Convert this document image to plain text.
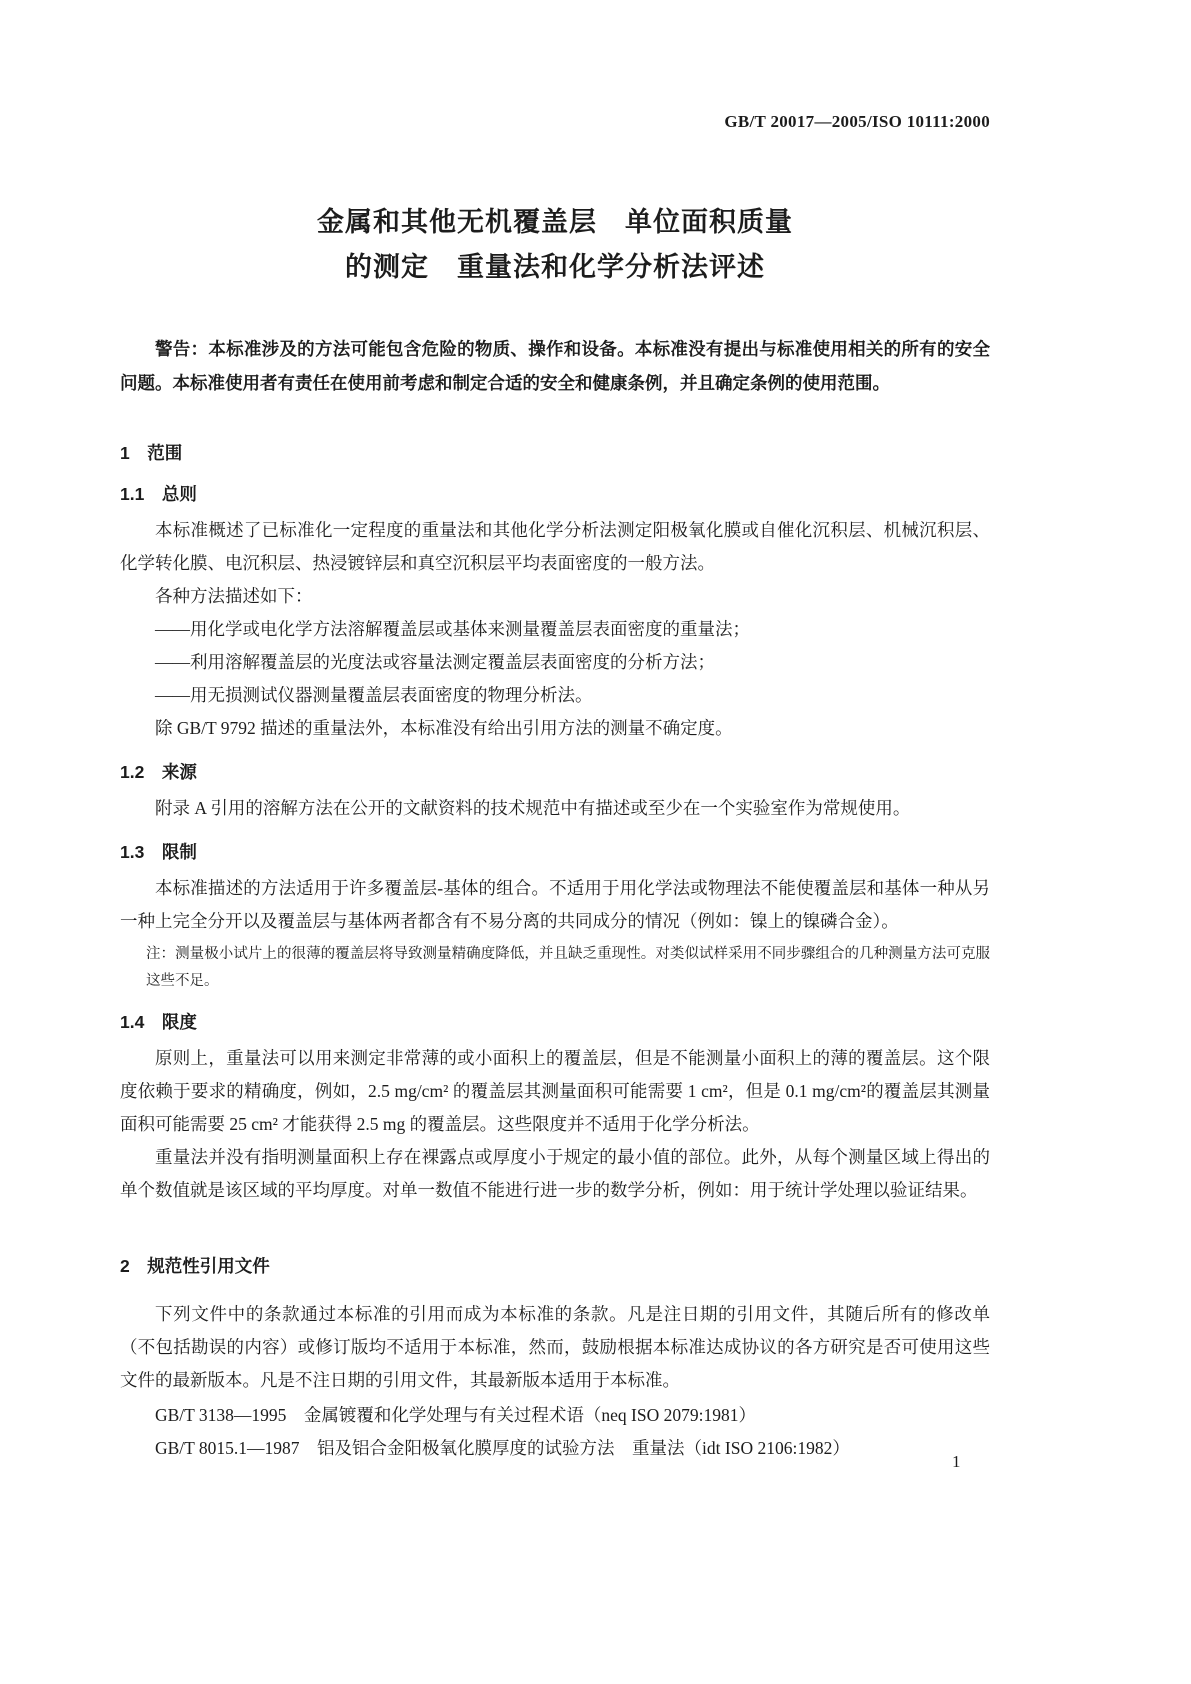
GB/T 20017—2005/ISO 10111:2000
金属和其他无机覆盖层　单位面积质量
的测定　重量法和化学分析法评述

警告：本标准涉及的方法可能包含危险的物质、操作和设备。本标准没有提出与标准使用相关的所有的安全问题。本标准使用者有责任在使用前考虑和制定合适的安全和健康条例，并且确定条例的使用范围。

1　范围
1.1　总则

本标准概述了已标准化一定程度的重量法和其他化学分析法测定阳极氧化膜或自催化沉积层、机械沉积层、化学转化膜、电沉积层、热浸镀锌层和真空沉积层平均表面密度的一般方法。

各种方法描述如下：

——用化学或电化学方法溶解覆盖层或基体来测量覆盖层表面密度的重量法；

——利用溶解覆盖层的光度法或容量法测定覆盖层表面密度的分析方法；

——用无损测试仪器测量覆盖层表面密度的物理分析法。

除 GB/T 9792 描述的重量法外，本标准没有给出引用方法的测量不确定度。

1.2　来源

附录 A 引用的溶解方法在公开的文献资料的技术规范中有描述或至少在一个实验室作为常规使用。

1.3　限制

本标准描述的方法适用于许多覆盖层-基体的组合。不适用于用化学法或物理法不能使覆盖层和基体一种从另一种上完全分开以及覆盖层与基体两者都含有不易分离的共同成分的情况（例如：镍上的镍磷合金）。

注：测量极小试片上的很薄的覆盖层将导致测量精确度降低，并且缺乏重现性。对类似试样采用不同步骤组合的几种测量方法可克服这些不足。

1.4　限度

原则上，重量法可以用来测定非常薄的或小面积上的覆盖层，但是不能测量小面积上的薄的覆盖层。这个限度依赖于要求的精确度，例如，2.5 mg/cm² 的覆盖层其测量面积可能需要 1 cm²，但是 0.1 mg/cm²的覆盖层其测量面积可能需要 25 cm² 才能获得 2.5 mg 的覆盖层。这些限度并不适用于化学分析法。

重量法并没有指明测量面积上存在裸露点或厚度小于规定的最小值的部位。此外，从每个测量区域上得出的单个数值就是该区域的平均厚度。对单一数值不能进行进一步的数学分析，例如：用于统计学处理以验证结果。

2　规范性引用文件

下列文件中的条款通过本标准的引用而成为本标准的条款。凡是注日期的引用文件，其随后所有的修改单（不包括勘误的内容）或修订版均不适用于本标准，然而，鼓励根据本标准达成协议的各方研究是否可使用这些文件的最新版本。凡是不注日期的引用文件，其最新版本适用于本标准。

GB/T 3138—1995　金属镀覆和化学处理与有关过程术语（neq ISO 2079:1981）

GB/T 8015.1—1987　铝及铝合金阳极氧化膜厚度的试验方法　重量法（idt ISO 2106:1982）

1
